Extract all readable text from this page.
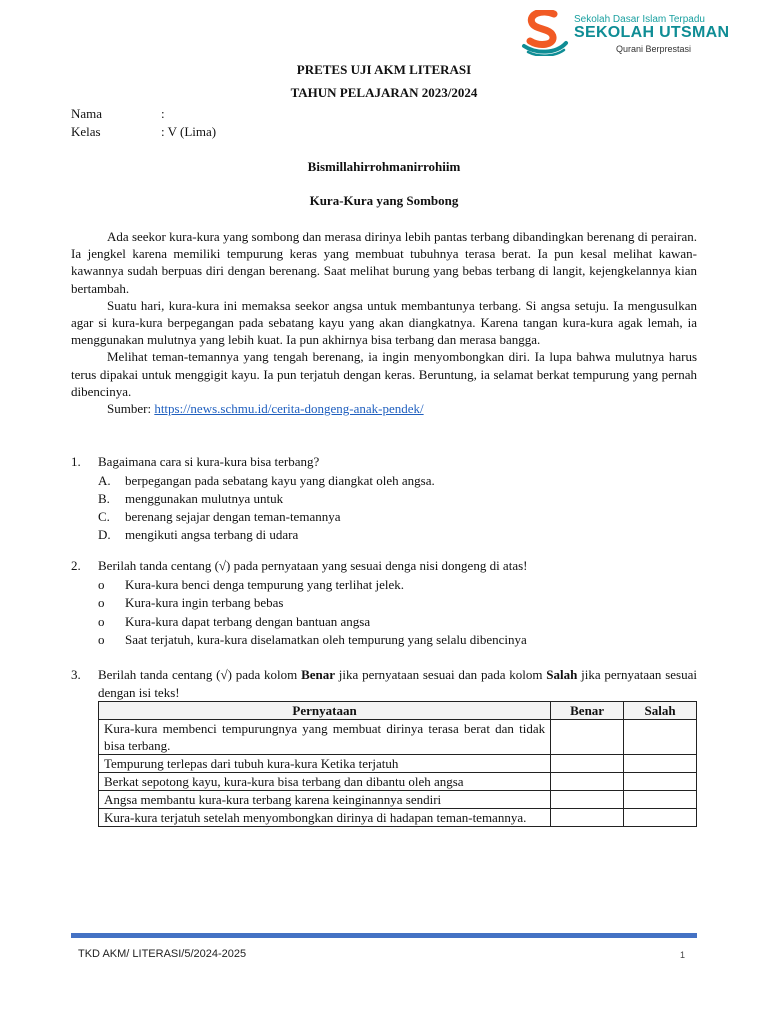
Sekolah Dasar Islam Terpadu
SEKOLAH UTSMAN
Qurani Berprestasi
PRETES UJI AKM LITERASI
TAHUN PELAJARAN 2023/2024
Nama	:
Kelas	: V (Lima)
Bismillahirrohmanirrohiim
Kura-Kura yang Sombong

Ada seekor kura-kura yang sombong dan merasa dirinya lebih pantas terbang dibandingkan berenang di perairan. Ia jengkel karena memiliki tempurung keras yang membuat tubuhnya terasa berat. Ia pun kesal melihat kawan-kawannya sudah berpuas diri dengan berenang. Saat melihat burung yang bebas terbang di langit, kejengkelannya kian bertambah.

Suatu hari, kura-kura ini memaksa seekor angsa untuk membantunya terbang. Si angsa setuju. Ia mengusulkan agar si kura-kura berpegangan pada sebatang kayu yang akan diangkatnya. Karena tangan kura-kura agak lemah, ia menggunakan mulutnya yang lebih kuat. Ia pun akhirnya bisa terbang dan merasa bangga.

Melihat teman-temannya yang tengah berenang, ia ingin menyombongkan diri. Ia lupa bahwa mulutnya harus terus dipakai untuk menggigit kayu. Ia pun terjatuh dengan keras. Beruntung, ia selamat berkat tempurung yang pernah dibencinya.

Sumber: https://news.schmu.id/cerita-dongeng-anak-pendek/

1. Bagaimana cara si kura-kura bisa terbang?
A. berpegangan pada sebatang kayu yang diangkat oleh angsa.
B. menggunakan mulutnya untuk
C. berenang sejajar dengan teman-temannya
D. mengikuti angsa terbang di udara
2. Berilah tanda centang (√) pada pernyataan yang sesuai denga nisi dongeng di atas!
o Kura-kura benci denga tempurung yang terlihat jelek.
o Kura-kura ingin terbang bebas
o Kura-kura dapat terbang dengan bantuan angsa
o Saat terjatuh, kura-kura diselamatkan oleh tempurung yang selalu dibencinya
3. Berilah tanda centang (√) pada kolom Benar jika pernyataan sesuai dan pada kolom Salah jika pernyataan sesuai dengan isi teks!
Pernyataan	Benar	Salah
Kura-kura membenci tempurungnya yang membuat dirinya terasa berat dan tidak bisa terbang.		
Tempurung terlepas dari tubuh kura-kura Ketika terjatuh		
Berkat sepotong kayu, kura-kura bisa terbang dan dibantu oleh angsa		
Angsa membantu kura-kura terbang karena keinginannya sendiri		
Kura-kura terjatuh setelah menyombongkan dirinya di hadapan teman-temannya.		
TKD AKM/ LITERASI/5/2024-2025	1
